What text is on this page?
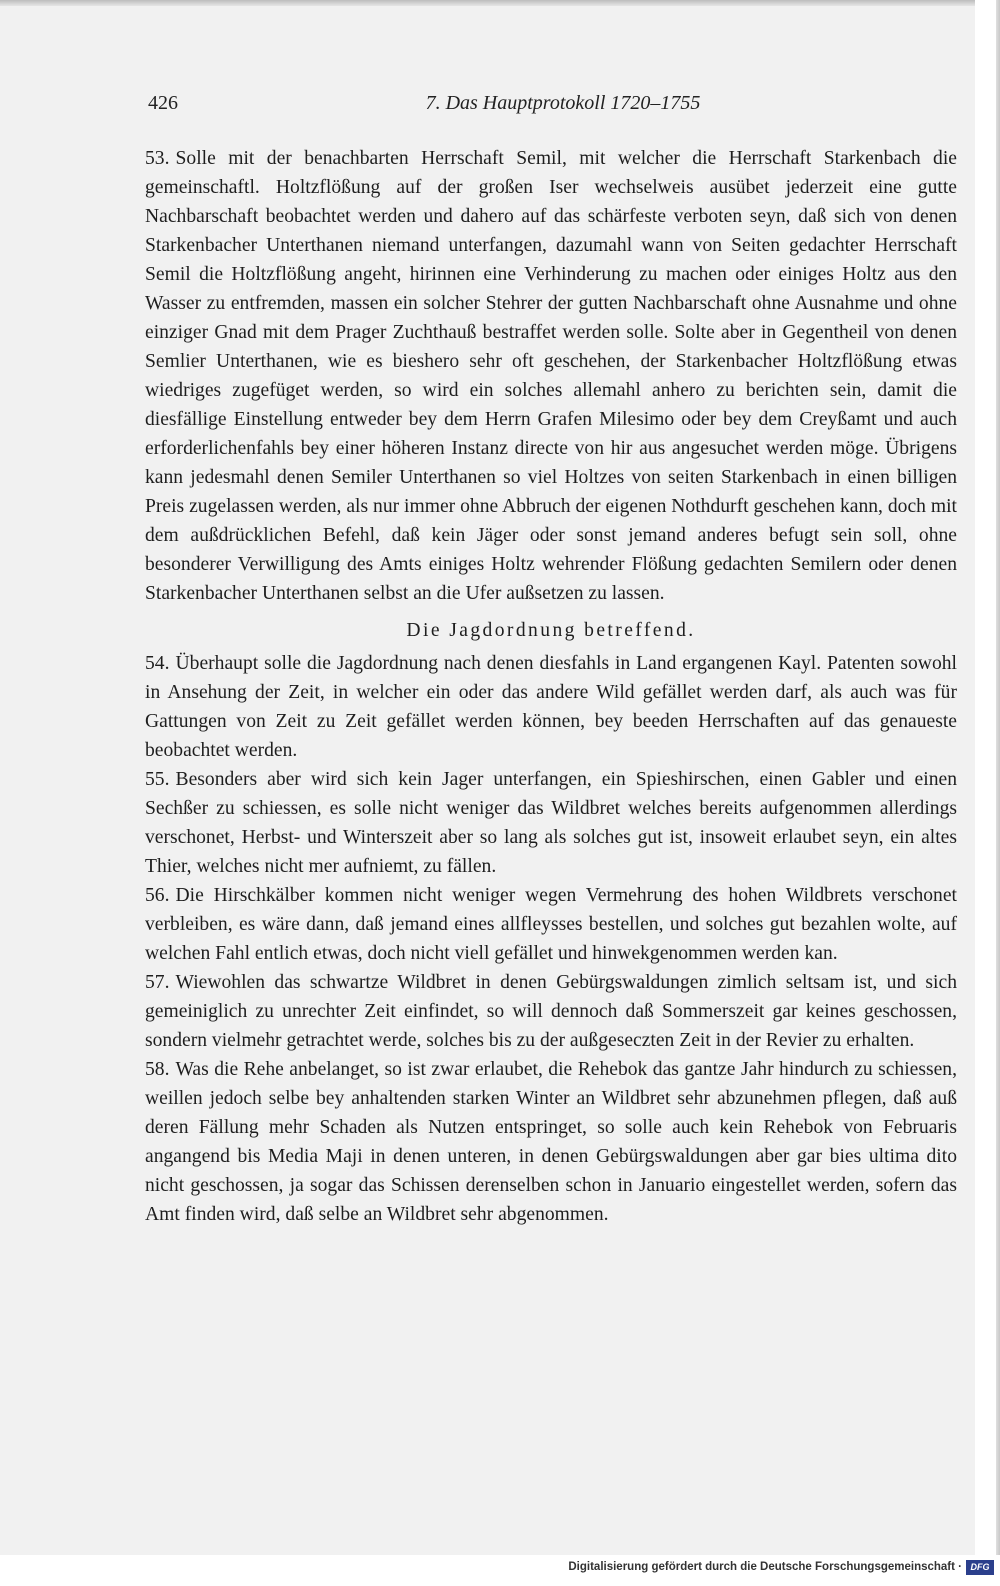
426	7. Das Hauptprotokoll 1720–1755

53. Solle mit der benachbarten Herrschaft Semil, mit welcher die Herrschaft Starkenbach die gemeinschaftl. Holtzflößung auf der großen Iser wechselweis ausübet jederzeit eine gutte Nachbarschaft beobachtet werden und dahero auf das schärfeste verboten seyn, daß sich von denen Starkenbacher Unterthanen niemand unterfangen, dazumahl wann von Seiten gedachter Herrschaft Semil die Holtzflößung angeht, hirinnen eine Verhinderung zu machen oder einiges Holtz aus den Wasser zu entfremden, massen ein solcher Stehrer der gutten Nachbarschaft ohne Ausnahme und ohne einziger Gnad mit dem Prager Zuchthauß bestraffet werden solle. Solte aber in Gegentheil von denen Semlier Unterthanen, wie es bieshero sehr oft geschehen, der Starkenbacher Holtzflößung etwas wiedriges zugefüget werden, so wird ein solches allemahl anhero zu berichten sein, damit die diesfällige Einstellung entweder bey dem Herrn Grafen Milesimo oder bey dem Creyßamt und auch erforderlichenfahls bey einer höheren Instanz directe von hir aus angesuchet werden möge. Übrigens kann jedesmahl denen Semiler Unterthanen so viel Holtzes von seiten Starkenbach in einen billigen Preis zugelassen werden, als nur immer ohne Abbruch der eigenen Nothdurft geschehen kann, doch mit dem außdrücklichen Befehl, daß kein Jäger oder sonst jemand anderes befugt sein soll, ohne besonderer Verwilligung des Amts einiges Holtz wehrender Flößung gedachten Semilern oder denen Starkenbacher Unterthanen selbst an die Ufer außsetzen zu lassen.

Die Jagdordnung betreffend.

54. Überhaupt solle die Jagdordnung nach denen diesfahls in Land ergangenen Kayl. Patenten sowohl in Ansehung der Zeit, in welcher ein oder das andere Wild gefället werden darf, als auch was für Gattungen von Zeit zu Zeit gefället werden können, bey beeden Herrschaften auf das genaueste beobachtet werden.

55. Besonders aber wird sich kein Jager unterfangen, ein Spieshirschen, einen Gabler und einen Sechßer zu schiessen, es solle nicht weniger das Wildbret welches bereits aufgenommen allerdings verschonet, Herbst- und Winterszeit aber so lang als solches gut ist, insoweit erlaubet seyn, ein altes Thier, welches nicht mer aufniemt, zu fällen.

56. Die Hirschkälber kommen nicht weniger wegen Vermehrung des hohen Wildbrets verschonet verbleiben, es wäre dann, daß jemand eines allfleysses bestellen, und solches gut bezahlen wolte, auf welchen Fahl entlich etwas, doch nicht viell gefället und hinwekgenommen werden kan.

57. Wiewohlen das schwartze Wildbret in denen Gebürgswaldungen zimlich seltsam ist, und sich gemeiniglich zu unrechter Zeit einfindet, so will dennoch daß Sommerszeit gar keines geschossen, sondern vielmehr getrachtet werde, solches bis zu der außgeseczten Zeit in der Revier zu erhalten.

58. Was die Rehe anbelanget, so ist zwar erlaubet, die Rehebok das gantze Jahr hindurch zu schiessen, weillen jedoch selbe bey anhaltenden starken Winter an Wildbret sehr abzunehmen pflegen, daß auß deren Fällung mehr Schaden als Nutzen entspringet, so solle auch kein Rehebok von Februaris angangend bis Media Maji in denen unteren, in denen Gebürgswaldungen aber gar bies ultima dito nicht geschossen, ja sogar das Schissen derenselben schon in Januario eingestellet werden, sofern das Amt finden wird, daß selbe an Wildbret sehr abgenommen.

Digitalisierung gefördert durch die Deutsche Forschungsgemeinschaft · DFG
